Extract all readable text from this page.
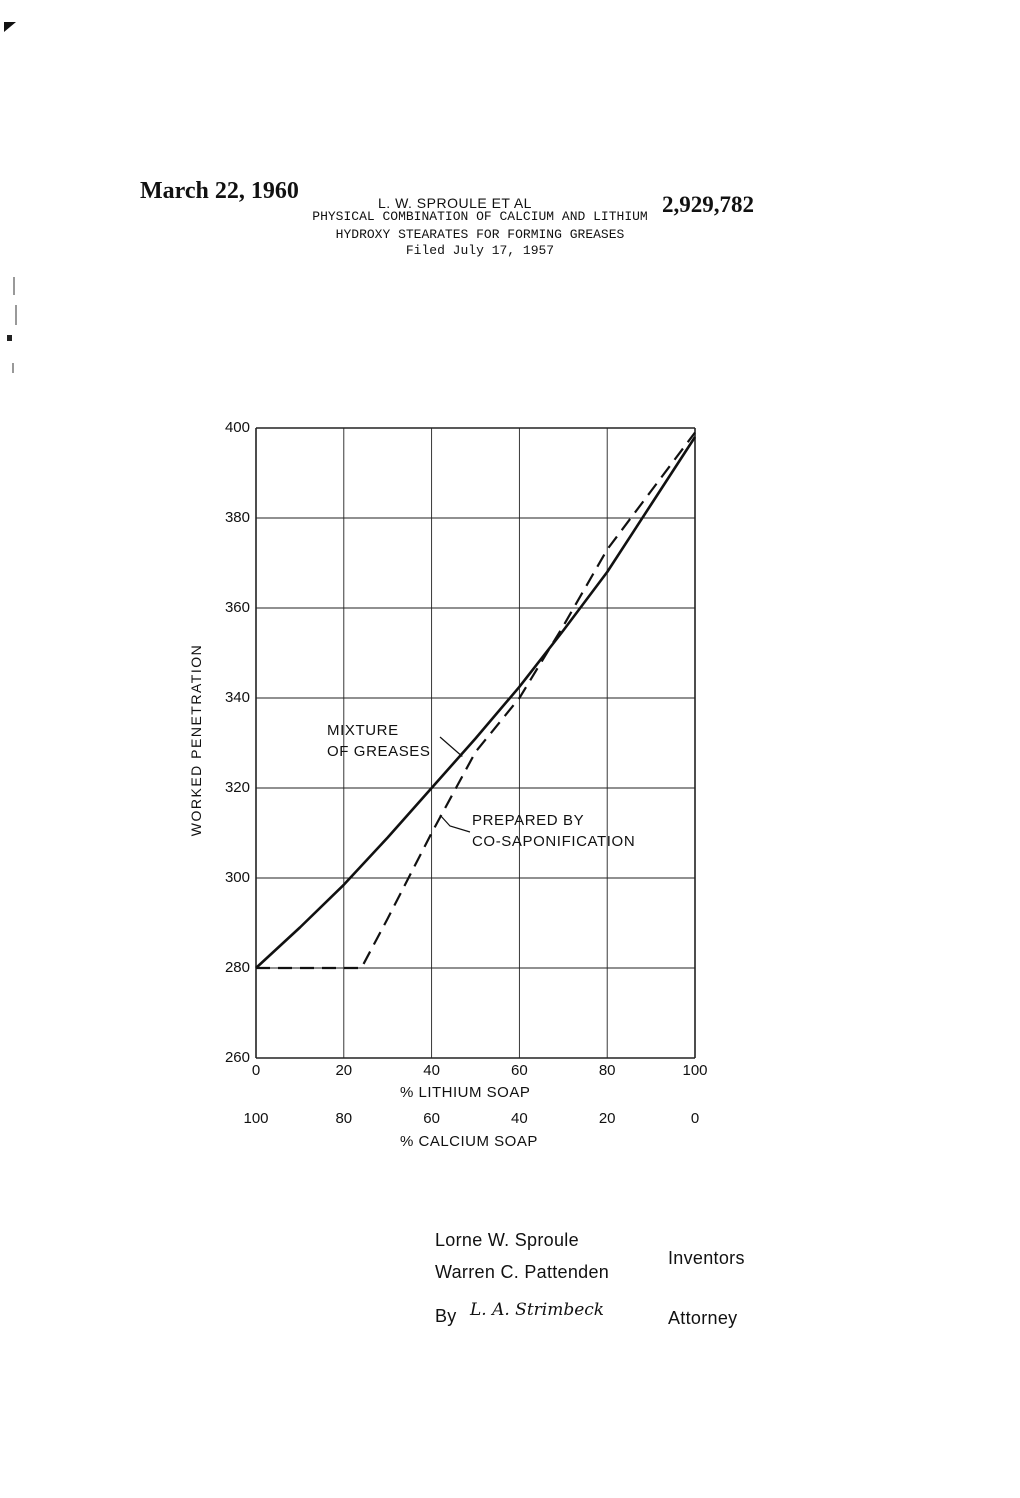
March 22, 1960	L. W. SPROULE ET AL	2,929,782
PHYSICAL COMBINATION OF CALCIUM AND LITHIUM
HYDROXY STEARATES FOR FORMING GREASES
Filed July 17, 1957
260
280
300
320
340
360
380
400
0	20	40	60	80	100
100	80	60	40	20	0
WORKED PENETRATION
% LITHIUM SOAP
% CALCIUM SOAP
MIXTURE
OF GREASES
PREPARED BY
CO-SAPONIFICATION
Lorne W. Sproule
Warren C. Pattenden
Inventors
By L. A. Strimbeck	Attorney
